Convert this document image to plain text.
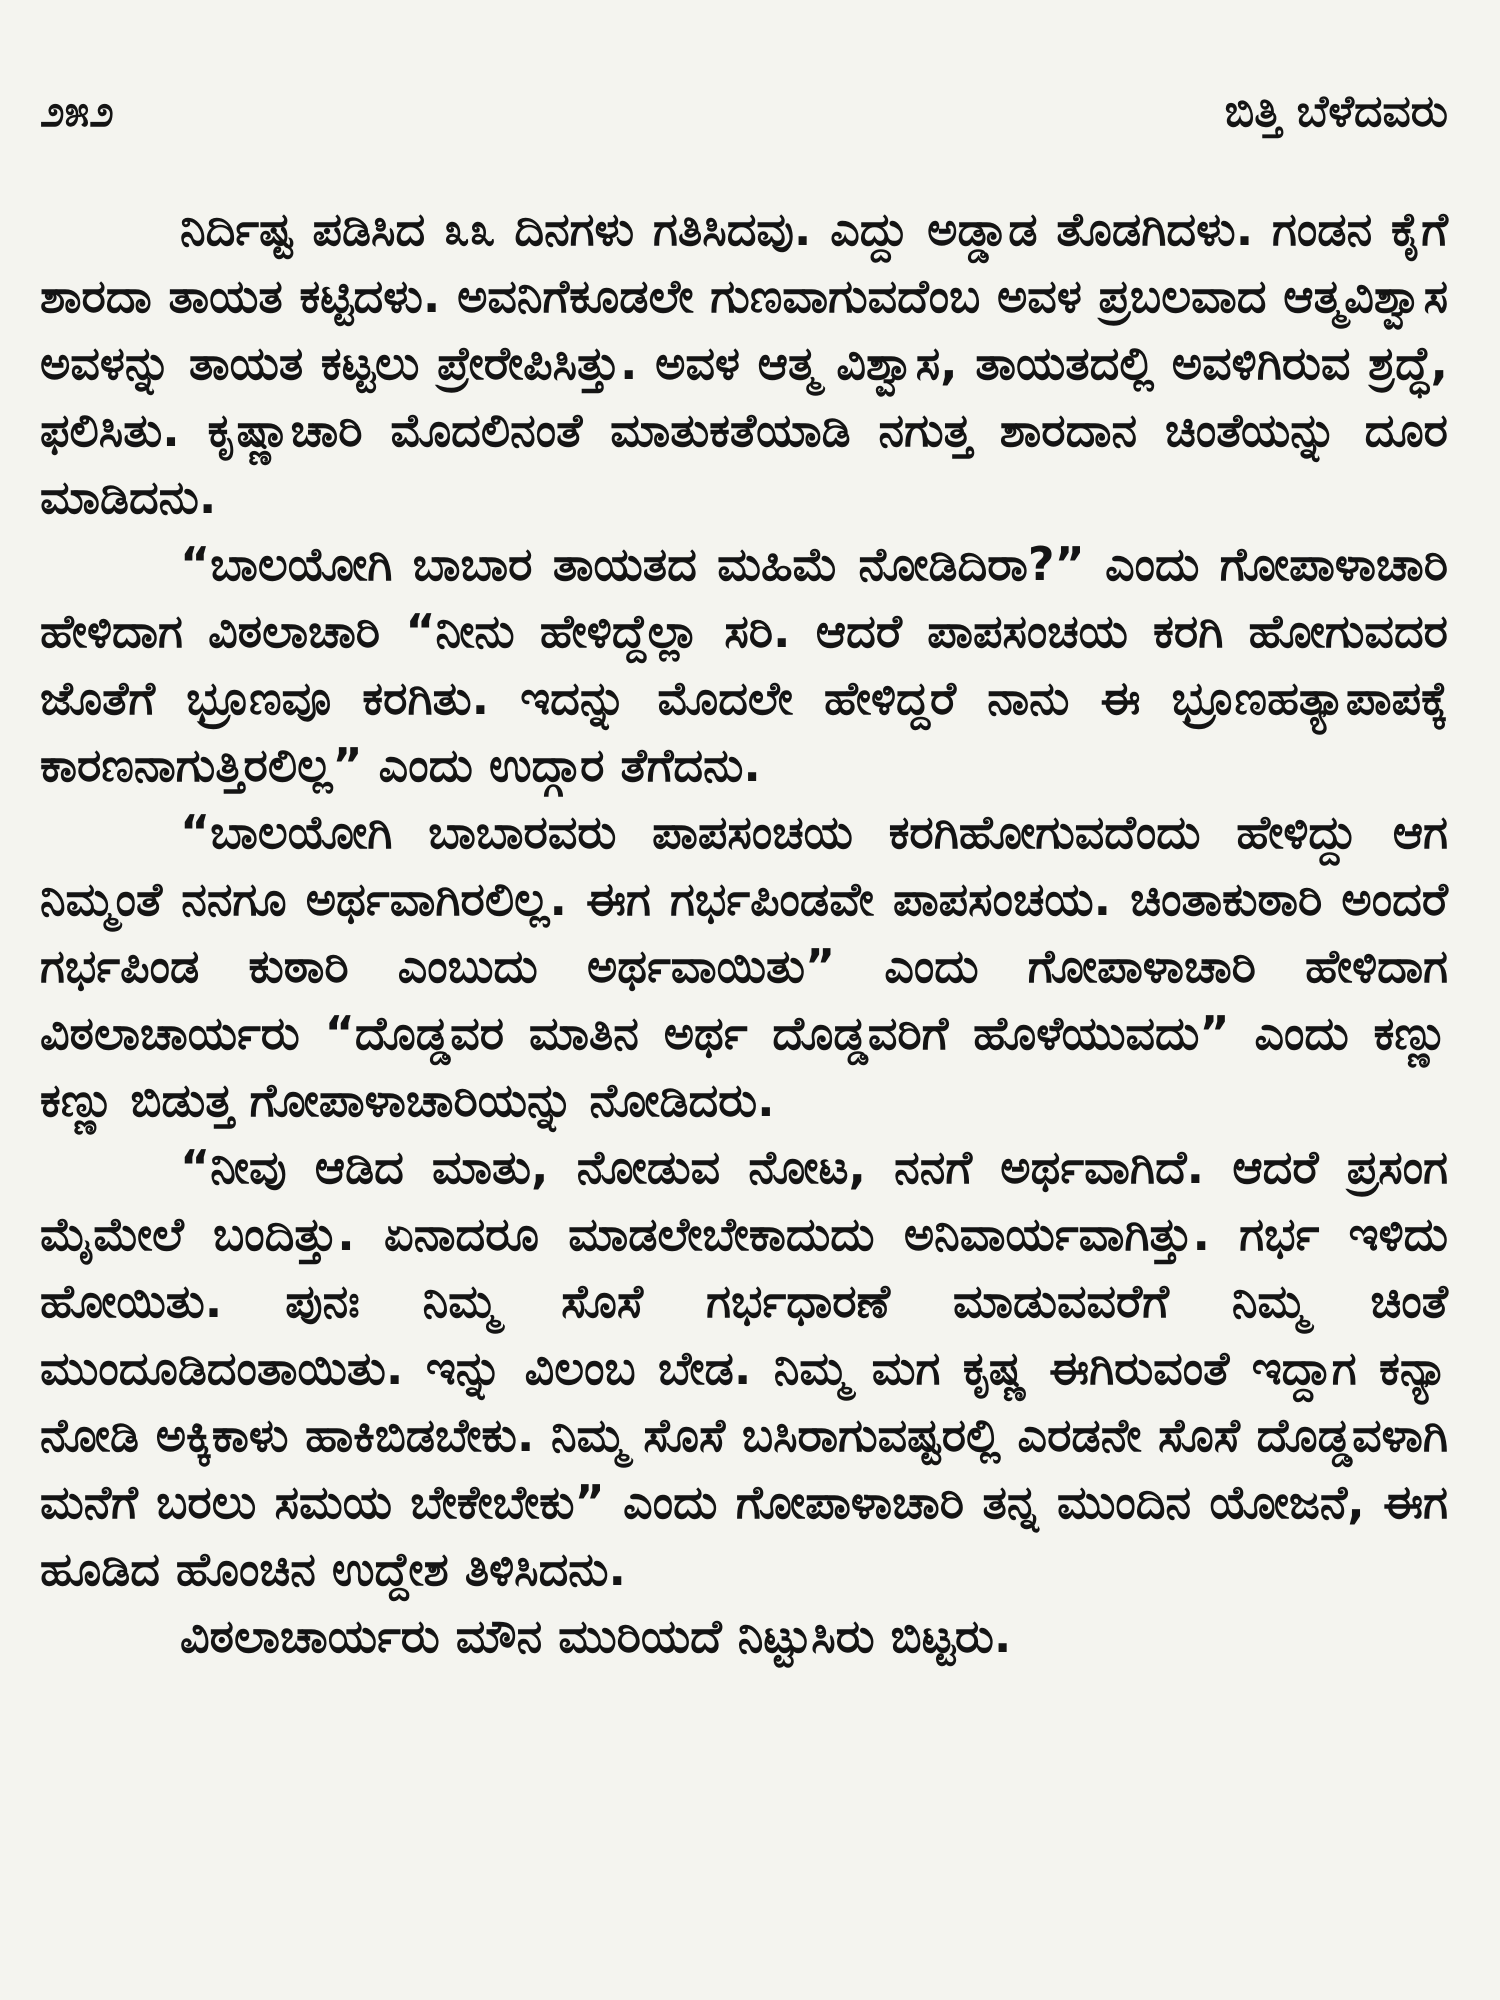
೨೫೨	ಬಿತ್ತಿ ಬೆಳೆದವರು

ನಿರ್ದಿಷ್ಟ ಪಡಿಸಿದ ೩೩ ದಿನಗಳು ಗತಿಸಿದವು. ಎದ್ದು ಅಡ್ಡಾಡ ತೊಡಗಿದಳು. ಗಂಡನ ಕೈಗೆ ಶಾರದಾ ತಾಯತ ಕಟ್ಟಿದಳು. ಅವನಿಗೆಕೂಡಲೇ ಗುಣವಾಗುವದೆಂಬ ಅವಳ ಪ್ರಬಲವಾದ ಆತ್ಮವಿಶ್ವಾಸ ಅವಳನ್ನು ತಾಯತ ಕಟ್ಟಲು ಪ್ರೇರೇಪಿಸಿತ್ತು. ಅವಳ ಆತ್ಮ ವಿಶ್ವಾಸ, ತಾಯತದಲ್ಲಿ ಅವಳಿಗಿರುವ ಶ್ರದ್ಧೆ, ಫಲಿಸಿತು. ಕೃಷ್ಣಾಚಾರಿ ಮೊದಲಿನಂತೆ ಮಾತುಕತೆಯಾಡಿ ನಗುತ್ತ ಶಾರದಾನ ಚಿಂತೆಯನ್ನು ದೂರ ಮಾಡಿದನು.

“ಬಾಲಯೋಗಿ ಬಾಬಾರ ತಾಯತದ ಮಹಿಮೆ ನೋಡಿದಿರಾ?” ಎಂದು ಗೋಪಾಳಾಚಾರಿ ಹೇಳಿದಾಗ ವಿಠಲಾಚಾರಿ “ನೀನು ಹೇಳಿದ್ದೆಲ್ಲಾ ಸರಿ. ಆದರೆ ಪಾಪಸಂಚಯ ಕರಗಿ ಹೋಗುವದರ ಜೊತೆಗೆ ಭ್ರೂಣವೂ ಕರಗಿತು. ಇದನ್ನು ಮೊದಲೇ ಹೇಳಿದ್ದರೆ ನಾನು ಈ ಭ್ರೂಣಹತ್ಯಾಪಾಪಕ್ಕೆ ಕಾರಣನಾಗುತ್ತಿರಲಿಲ್ಲ” ಎಂದು ಉದ್ಗಾರ ತೆಗೆದನು.

“ಬಾಲಯೋಗಿ ಬಾಬಾರವರು ಪಾಪಸಂಚಯ ಕರಗಿಹೋಗುವದೆಂದು ಹೇಳಿದ್ದು ಆಗ ನಿಮ್ಮಂತೆ ನನಗೂ ಅರ್ಥವಾಗಿರಲಿಲ್ಲ. ಈಗ ಗರ್ಭಪಿಂಡವೇ ಪಾಪಸಂಚಯ. ಚಿಂತಾಕುಠಾರಿ ಅಂದರೆ ಗರ್ಭಪಿಂಡ ಕುಠಾರಿ ಎಂಬುದು ಅರ್ಥವಾಯಿತು” ಎಂದು ಗೋಪಾಳಾಚಾರಿ ಹೇಳಿದಾಗ ವಿಠಲಾಚಾರ್ಯರು “ದೊಡ್ಡವರ ಮಾತಿನ ಅರ್ಥ ದೊಡ್ಡವರಿಗೆ ಹೊಳೆಯುವದು” ಎಂದು ಕಣ್ಣು ಕಣ್ಣು ಬಿಡುತ್ತ ಗೋಪಾಳಾಚಾರಿಯನ್ನು ನೋಡಿದರು.

“ನೀವು ಆಡಿದ ಮಾತು, ನೋಡುವ ನೋಟ, ನನಗೆ ಅರ್ಥವಾಗಿದೆ. ಆದರೆ ಪ್ರಸಂಗ ಮೈಮೇಲೆ ಬಂದಿತ್ತು. ಏನಾದರೂ ಮಾಡಲೇಬೇಕಾದುದು ಅನಿವಾರ್ಯವಾಗಿತ್ತು. ಗರ್ಭ ಇಳಿದು ಹೋಯಿತು. ಪುನಃ ನಿಮ್ಮ ಸೊಸೆ ಗರ್ಭಧಾರಣೆ ಮಾಡುವವರೆಗೆ ನಿಮ್ಮ ಚಿಂತೆ ಮುಂದೂಡಿದಂತಾಯಿತು. ಇನ್ನು ವಿಲಂಬ ಬೇಡ. ನಿಮ್ಮ ಮಗ ಕೃಷ್ಣ ಈಗಿರುವಂತೆ ಇದ್ದಾಗ ಕನ್ಯಾ ನೋಡಿ ಅಕ್ಕಿಕಾಳು ಹಾಕಿಬಿಡಬೇಕು. ನಿಮ್ಮ ಸೊಸೆ ಬಸಿರಾಗುವಷ್ಟರಲ್ಲಿ ಎರಡನೇ ಸೊಸೆ ದೊಡ್ಡವಳಾಗಿ ಮನೆಗೆ ಬರಲು ಸಮಯ ಬೇಕೇಬೇಕು” ಎಂದು ಗೋಪಾಳಾಚಾರಿ ತನ್ನ ಮುಂದಿನ ಯೋಜನೆ, ಈಗ ಹೂಡಿದ ಹೊಂಚಿನ ಉದ್ದೇಶ ತಿಳಿಸಿದನು.

ವಿಠಲಾಚಾರ್ಯರು ಮೌನ ಮುರಿಯದೆ ನಿಟ್ಟುಸಿರು ಬಿಟ್ಟರು.
